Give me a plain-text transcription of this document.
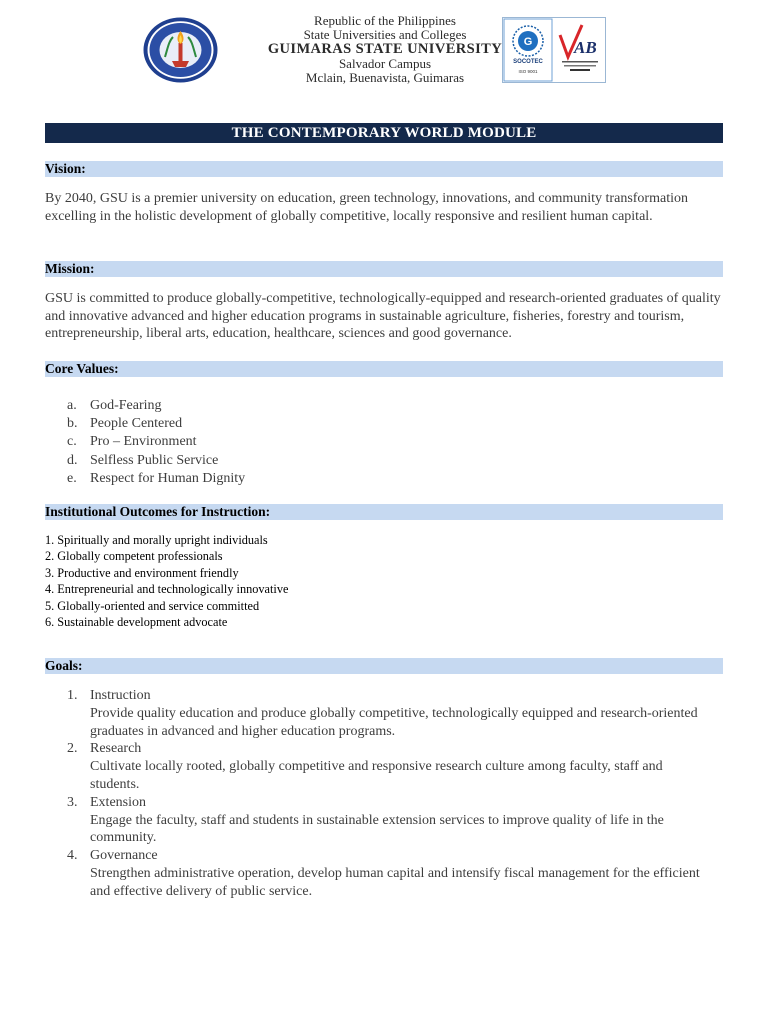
Republic of the Philippines
State Universities and Colleges
GUIMARAS STATE UNIVERSITY
Salvador Campus
Mclain, Buenavista, Guimaras
G
SOCOTEC
ISO 9001
AB
THE CONTEMPORARY WORLD MODULE
Vision:

By 2040, GSU is a premier university on education, green technology, innovations, and community transformation excelling in the holistic development of globally competitive, locally responsive and resilient human capital.

Mission:

GSU is committed to produce globally-competitive, technologically-equipped and research-oriented graduates of quality and innovative advanced and higher education programs in sustainable agriculture, fisheries, forestry and tourism, entrepreneurship, liberal arts, education, healthcare, sciences and good governance.

Core Values:
a. God-Fearing
b. People Centered
c. Pro – Environment
d. Selfless Public Service
e. Respect for Human Dignity
Institutional Outcomes for Instruction:
1. Spiritually and morally upright individuals
2. Globally competent professionals
3. Productive and environment friendly
4. Entrepreneurial and technologically innovative
5. Globally-oriented and service committed
6. Sustainable development advocate
Goals:
1. Instruction
Provide quality education and produce globally competitive, technologically equipped and research-oriented graduates in advanced and higher education programs.
2. Research
Cultivate locally rooted, globally competitive and responsive research culture among faculty, staff and students.
3. Extension
Engage the faculty, staff and students in sustainable extension services to improve quality of life in the community.
4. Governance
Strengthen administrative operation, develop human capital and intensify fiscal management for the efficient and effective delivery of public service.
